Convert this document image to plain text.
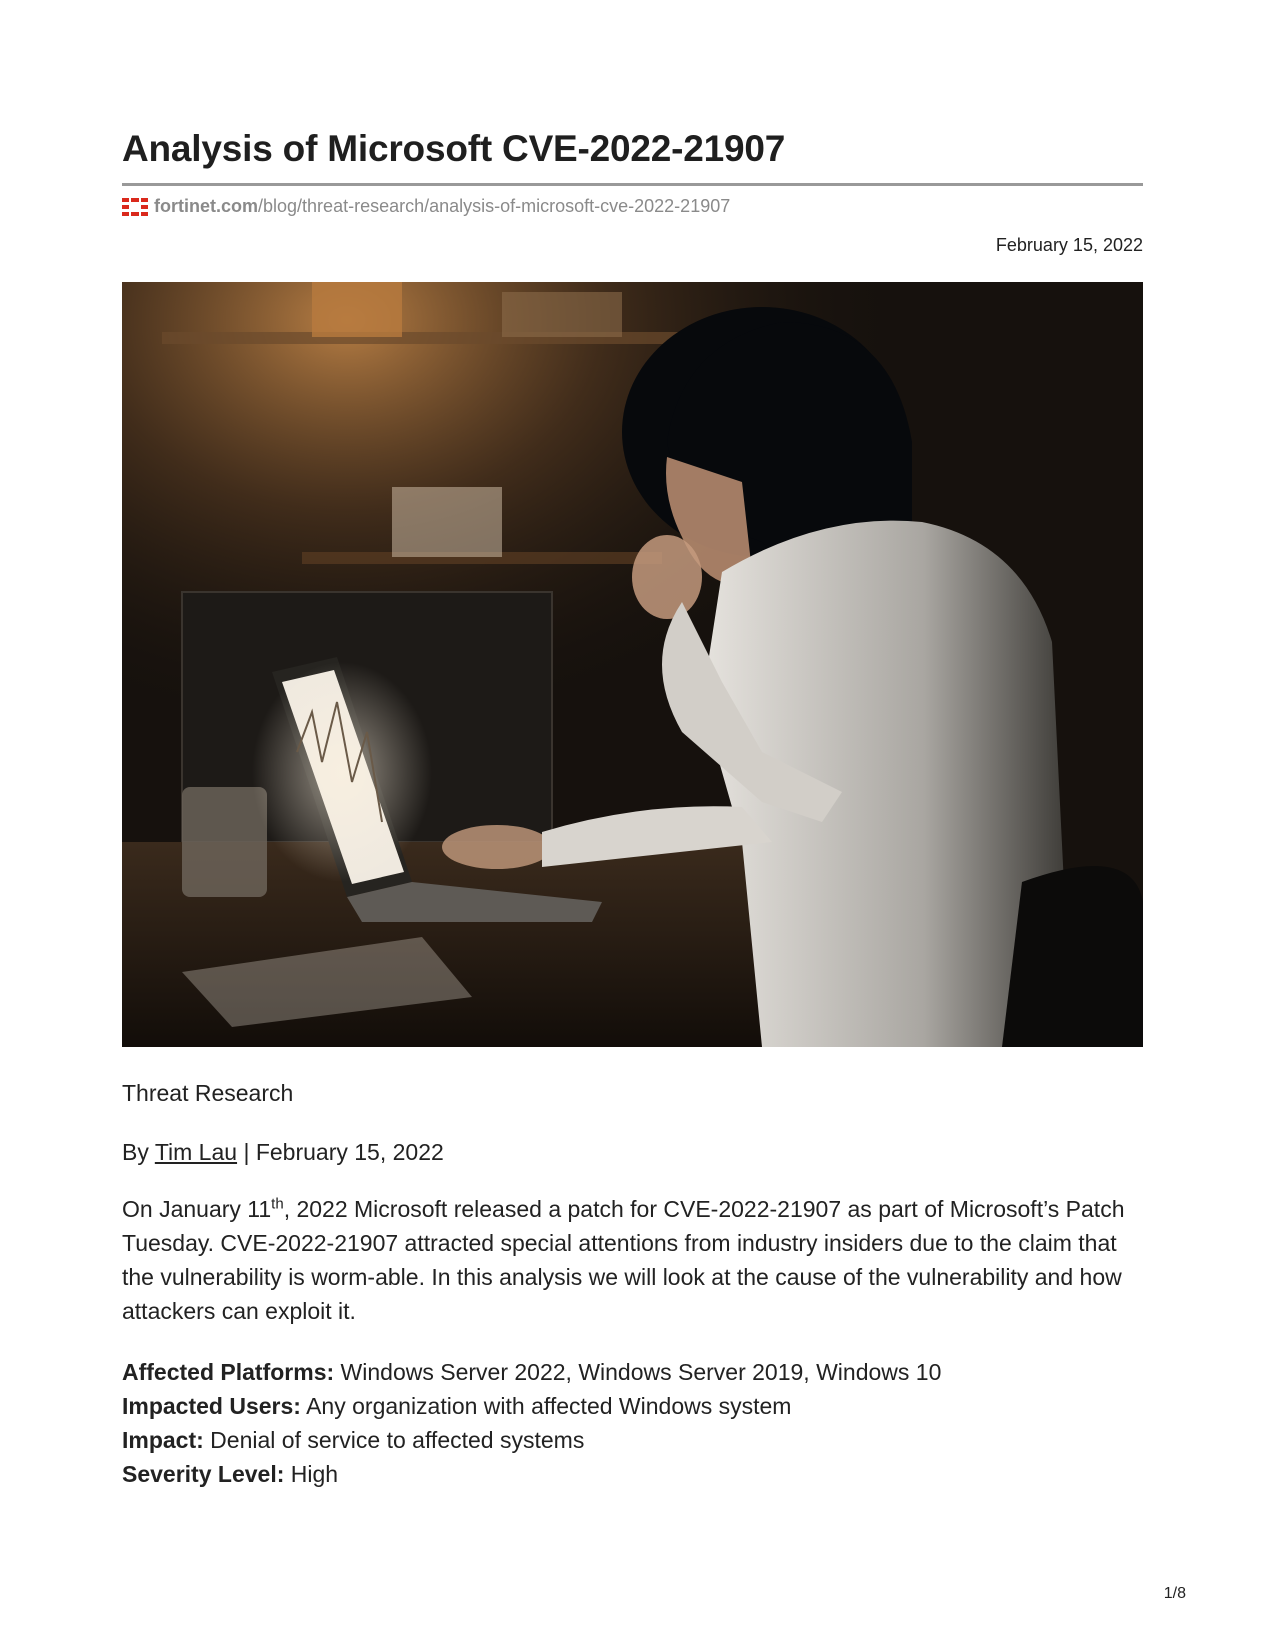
Analysis of Microsoft CVE-2022-21907
fortinet.com /blog/threat-research/analysis-of-microsoft-cve-2022-21907
February 15, 2022
Threat Research
By Tim Lau | February 15, 2022

On January 11th, 2022 Microsoft released a patch for CVE-2022-21907 as part of Microsoft’s Patch Tuesday. CVE-2022-21907 attracted special attentions from industry insiders due to the claim that the vulnerability is worm-able. In this analysis we will look at the cause of the vulnerability and how attackers can exploit it.

Affected Platforms: Windows Server 2022, Windows Server 2019, Windows 10
Impacted Users: Any organization with affected Windows system
Impact: Denial of service to affected systems
Severity Level: High
1/8
